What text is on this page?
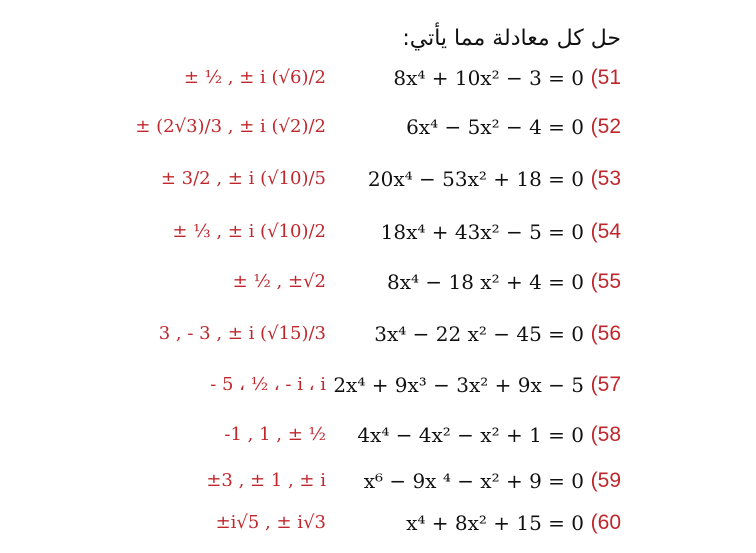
حل كل معادلة مما يأتي:
(51
8x⁴ + 10x² − 3 = 0
± ½ , ± i (√6)/2
(52
6x⁴ − 5x² − 4 = 0
± (2√3)/3 , ± i (√2)/2
(53
20x⁴ − 53x² + 18 = 0
± 3/2 , ± i (√10)/5
(54
18x⁴ + 43x² − 5 = 0
± ⅓ , ± i (√10)/2
(55
8x⁴ − 18 x² + 4 = 0
± ½ , ±√2
(56
3x⁴ − 22 x² − 45 = 0
3 , - 3 , ± i (√15)/3
(57
2x⁴ + 9x³ − 3x² + 9x − 5
- 5 ، ½ ، - i ، i
(58
4x⁴ − 4x² − x² + 1 = 0
-1 , 1 , ± ½
(59
x⁶ − 9x ⁴ − x² + 9 = 0
±3 , ± 1 , ± i
(60
x⁴ + 8x² + 15 = 0
±i√5 , ± i√3
